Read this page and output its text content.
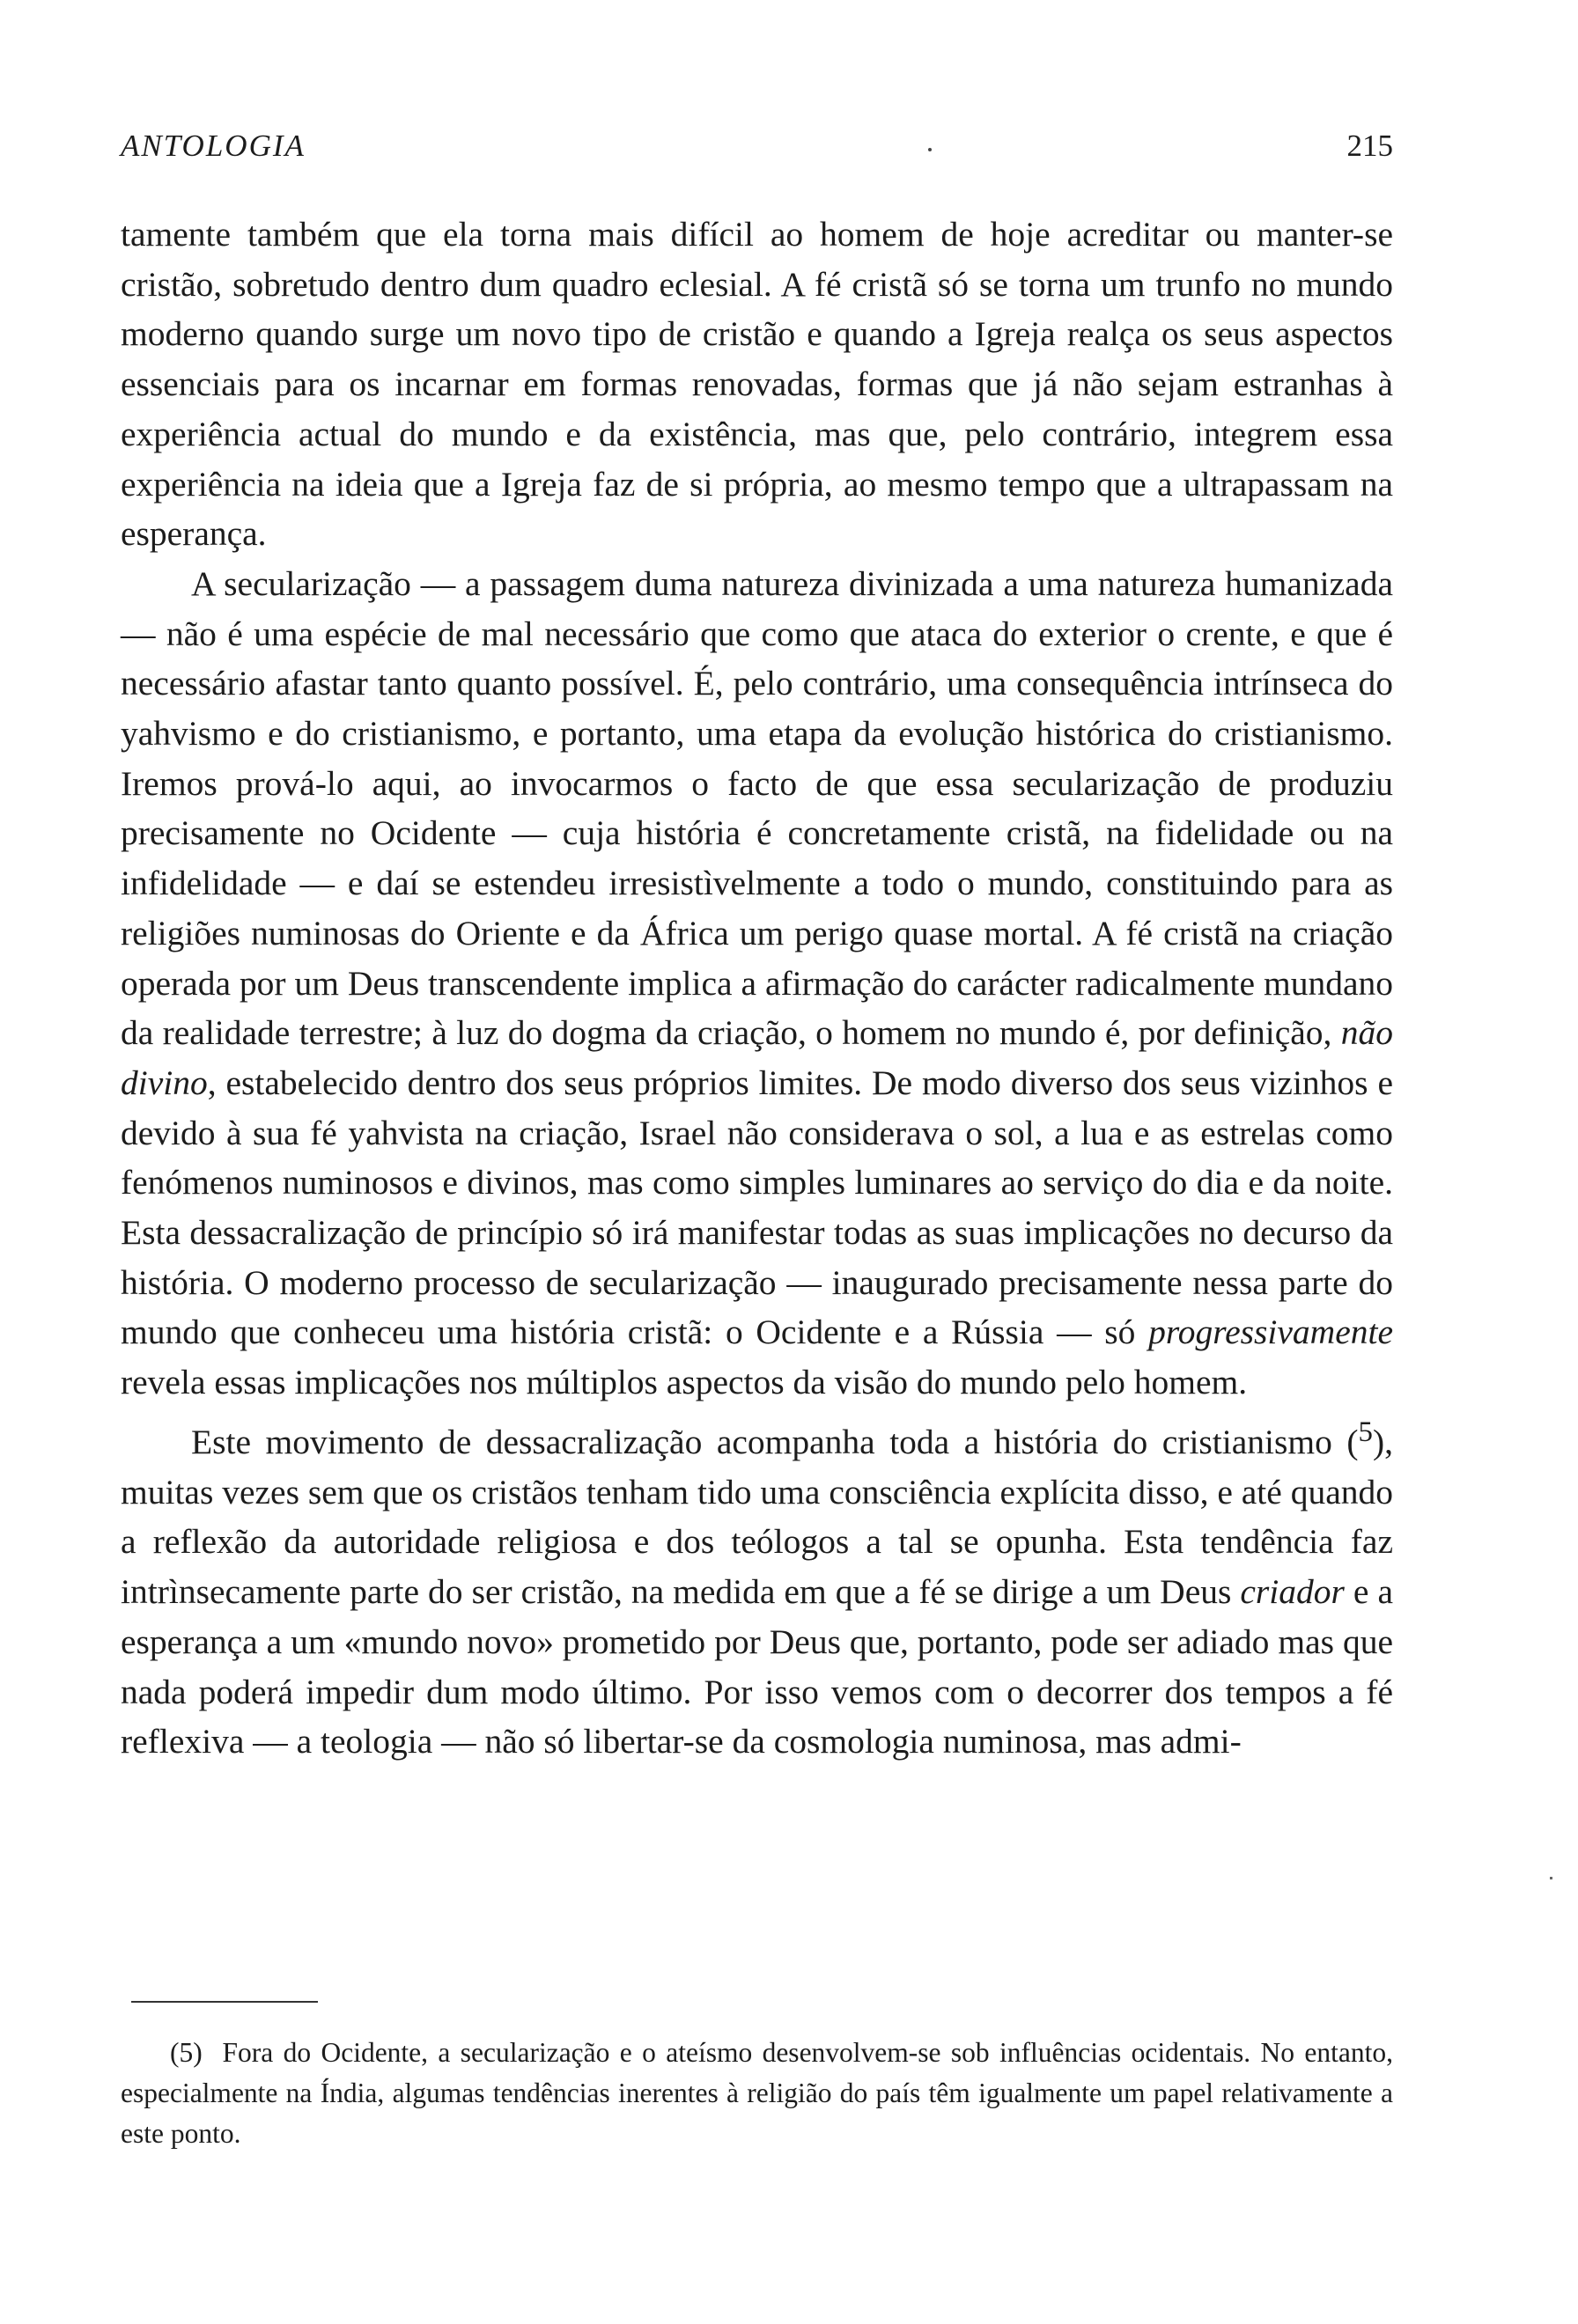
ANTOLOGIA	215

tamente também que ela torna mais difícil ao homem de hoje acreditar ou manter-se cristão, sobretudo dentro dum quadro eclesial. A fé cristã só se torna um trunfo no mundo moderno quando surge um novo tipo de cristão e quando a Igreja realça os seus aspectos essenciais para os incarnar em formas renovadas, formas que já não sejam estranhas à experiência actual do mundo e da existência, mas que, pelo contrário, integrem essa experiência na ideia que a Igreja faz de si própria, ao mesmo tempo que a ultrapassam na esperança.

A secularização — a passagem duma natureza divinizada a uma natureza humanizada — não é uma espécie de mal necessário que como que ataca do exterior o crente, e que é necessário afastar tanto quanto possível. É, pelo contrário, uma consequência intrínseca do yahvismo e do cristianismo, e portanto, uma etapa da evolução histórica do cristianismo. Iremos prová-lo aqui, ao invocarmos o facto de que essa secularização de produziu precisamente no Ocidente — cuja história é concretamente cristã, na fidelidade ou na infidelidade — e daí se estendeu irresistìvelmente a todo o mundo, constituindo para as religiões numinosas do Oriente e da África um perigo quase mortal. A fé cristã na criação operada por um Deus transcendente implica a afirmação do carácter radicalmente mundano da realidade terrestre; à luz do dogma da criação, o homem no mundo é, por definição, não divino, estabelecido dentro dos seus próprios limites. De modo diverso dos seus vizinhos e devido à sua fé yahvista na criação, Israel não considerava o sol, a lua e as estrelas como fenómenos numinosos e divinos, mas como simples luminares ao serviço do dia e da noite. Esta dessacralização de princípio só irá manifestar todas as suas implicações no decurso da história. O moderno processo de secularização — inaugurado precisamente nessa parte do mundo que conheceu uma história cristã: o Ocidente e a Rússia — só progressivamente revela essas implicações nos múltiplos aspectos da visão do mundo pelo homem.

Este movimento de dessacralização acompanha toda a história do cristianismo ($^5$), muitas vezes sem que os cristãos tenham tido uma consciência explícita disso, e até quando a reflexão da autoridade religiosa e dos teólogos a tal se opunha. Esta tendência faz intrìnsecamente parte do ser cristão, na medida em que a fé se dirige a um Deus criador e a esperança a um «mundo novo» prometido por Deus que, portanto, pode ser adiado mas que nada poderá impedir dum modo último. Por isso vemos com o decorrer dos tempos a fé reflexiva — a teologia — não só libertar-se da cosmologia numinosa, mas admi-

(5) Fora do Ocidente, a secularização e o ateísmo desenvolvem-se sob influências ocidentais. No entanto, especialmente na Índia, algumas tendências inerentes à religião do país têm igualmente um papel relativamente a este ponto.
